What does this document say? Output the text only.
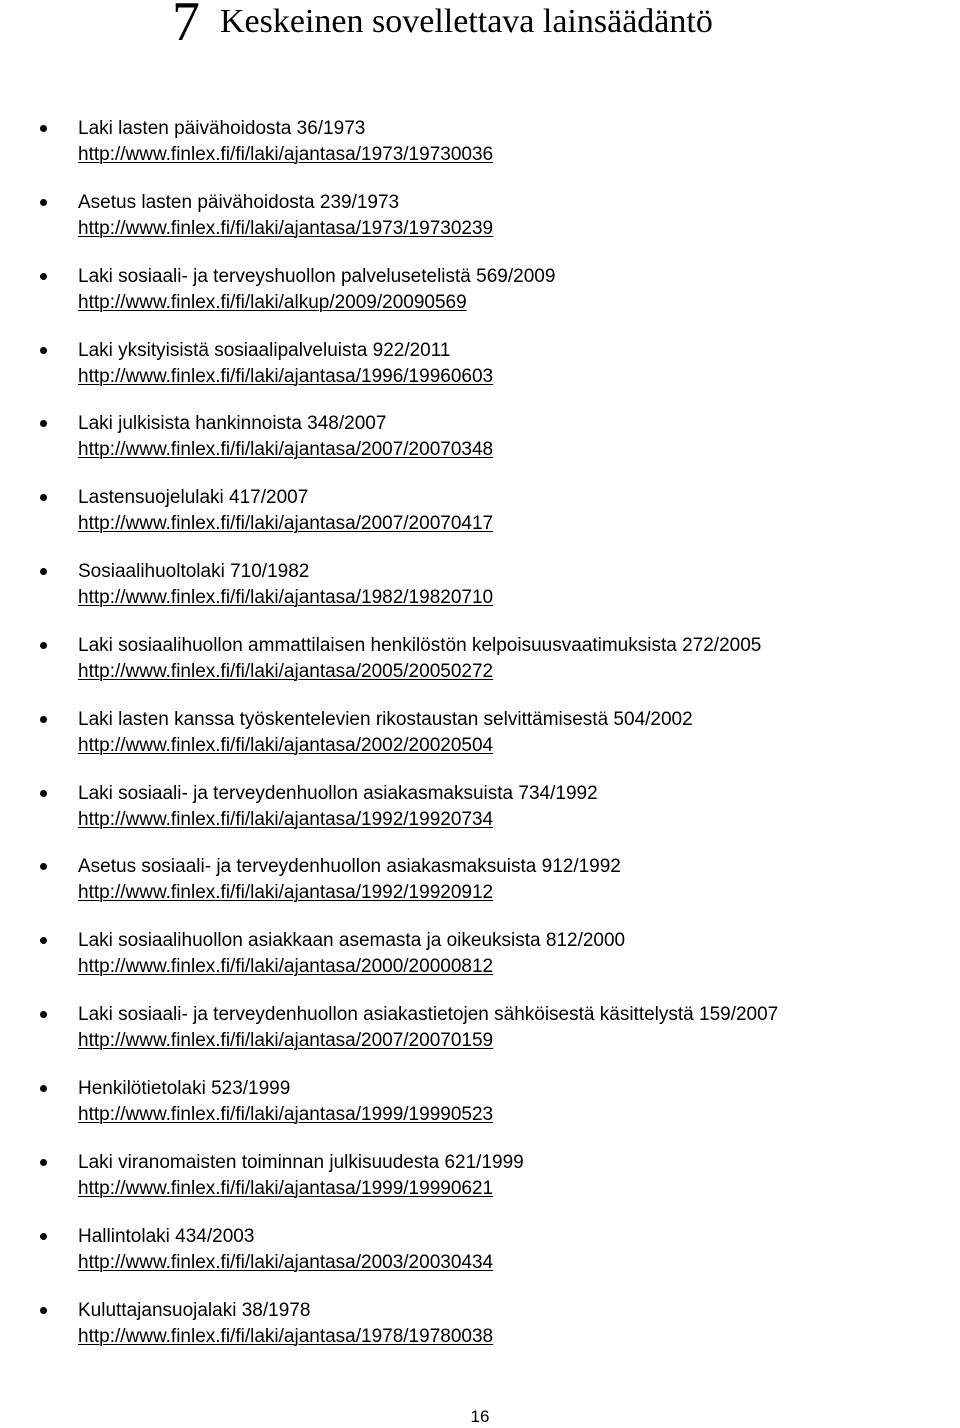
7 Keskeinen sovellettava lainsäädäntö
Laki lasten päivähoidosta 36/1973
http://www.finlex.fi/fi/laki/ajantasa/1973/19730036
Asetus lasten päivähoidosta 239/1973
http://www.finlex.fi/fi/laki/ajantasa/1973/19730239
Laki sosiaali- ja terveyshuollon palvelusetelistä 569/2009
http://www.finlex.fi/fi/laki/alkup/2009/20090569
Laki yksityisistä sosiaalipalveluista 922/2011
http://www.finlex.fi/fi/laki/ajantasa/1996/19960603
Laki julkisista hankinnoista 348/2007
http://www.finlex.fi/fi/laki/ajantasa/2007/20070348
Lastensuojelulaki 417/2007
http://www.finlex.fi/fi/laki/ajantasa/2007/20070417
Sosiaalihuoltolaki 710/1982
http://www.finlex.fi/fi/laki/ajantasa/1982/19820710
Laki sosiaalihuollon ammattilaisen henkilöstön kelpoisuusvaatimuksista 272/2005
http://www.finlex.fi/fi/laki/ajantasa/2005/20050272
Laki lasten kanssa työskentelevien rikostaustan selvittämisestä 504/2002
http://www.finlex.fi/fi/laki/ajantasa/2002/20020504
Laki sosiaali- ja terveydenhuollon asiakasmaksuista 734/1992
http://www.finlex.fi/fi/laki/ajantasa/1992/19920734
Asetus sosiaali- ja terveydenhuollon asiakasmaksuista 912/1992
http://www.finlex.fi/fi/laki/ajantasa/1992/19920912
Laki sosiaalihuollon asiakkaan asemasta ja oikeuksista 812/2000
http://www.finlex.fi/fi/laki/ajantasa/2000/20000812
Laki sosiaali- ja terveydenhuollon asiakastietojen sähköisestä käsittelystä 159/2007
http://www.finlex.fi/fi/laki/ajantasa/2007/20070159
Henkilötietolaki 523/1999
http://www.finlex.fi/fi/laki/ajantasa/1999/19990523
Laki viranomaisten toiminnan julkisuudesta 621/1999
http://www.finlex.fi/fi/laki/ajantasa/1999/19990621
Hallintolaki 434/2003
http://www.finlex.fi/fi/laki/ajantasa/2003/20030434
Kuluttajansuojalaki 38/1978
http://www.finlex.fi/fi/laki/ajantasa/1978/19780038
16
